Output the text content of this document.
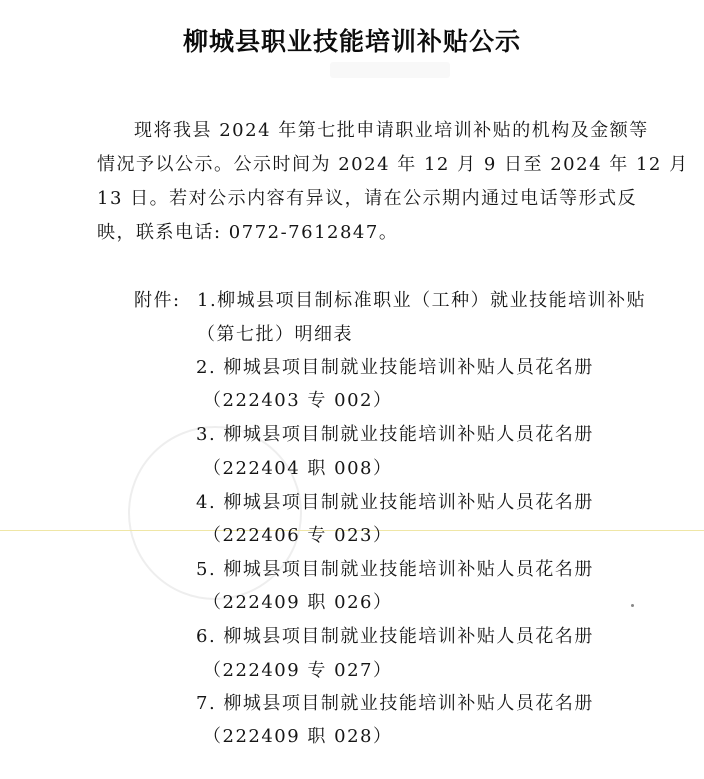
柳城县职业技能培训补贴公示
现将我县 2024 年第七批申请职业培训补贴的机构及金额等
情况予以公示。公示时间为 2024 年 12 月 9 日至 2024 年 12 月
13 日。若对公示内容有异议，请在公示期内通过电话等形式反
映，联系电话: 0772-7612847。
附件: 1.柳城县项目制标准职业（工种）就业技能培训补贴
（第七批）明细表
2. 柳城县项目制就业技能培训补贴人员花名册
（222403 专 002）
3. 柳城县项目制就业技能培训补贴人员花名册
（222404 职 008）
4. 柳城县项目制就业技能培训补贴人员花名册
（222406 专 023）
5. 柳城县项目制就业技能培训补贴人员花名册
（222409 职 026）
6. 柳城县项目制就业技能培训补贴人员花名册
（222409 专 027）
7. 柳城县项目制就业技能培训补贴人员花名册
（222409 职 028）
